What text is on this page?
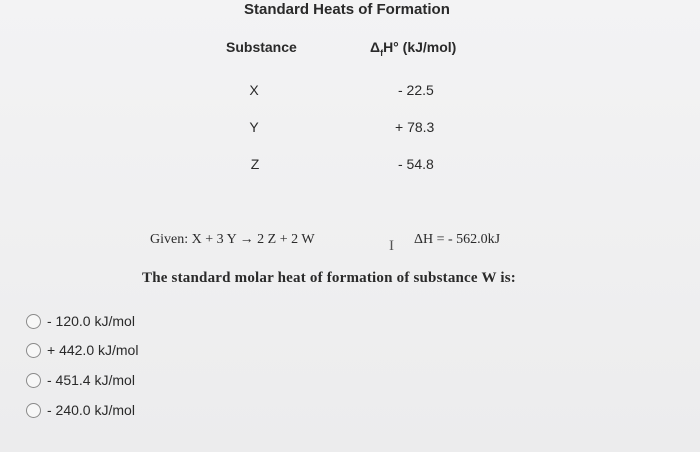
Standard Heats of Formation
Substance	$\Delta_fH^\circ$ (kJ/mol)
X	- 22.5
Y	+ 78.3
Z	- 54.8
Given: X + 3 Y → 2 Z + 2 W	I ΔH = - 562.0kJ
The standard molar heat of formation of substance W is:
- 120.0 kJ/mol
+ 442.0 kJ/mol
- 451.4 kJ/mol
- 240.0 kJ/mol
